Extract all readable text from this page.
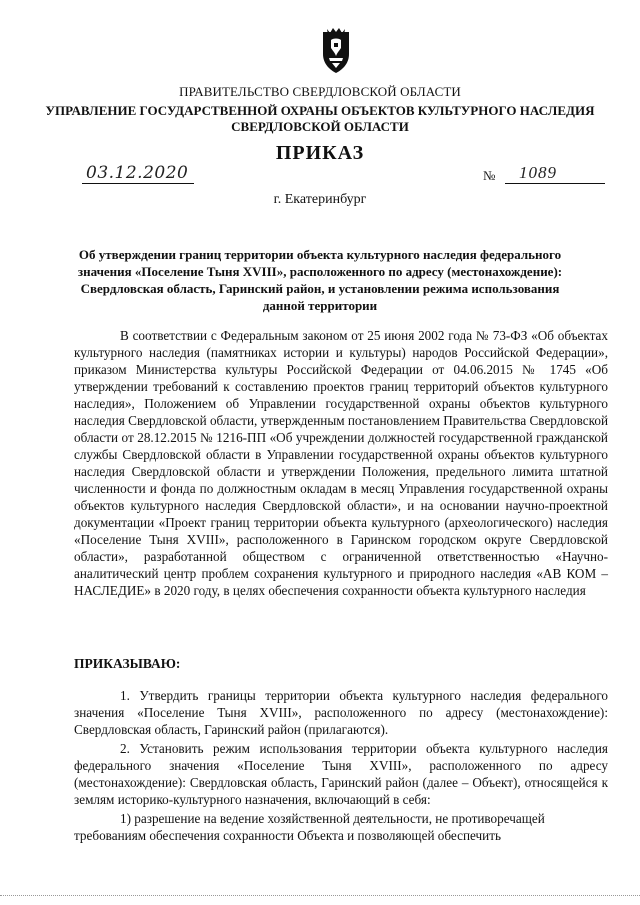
ПРАВИТЕЛЬСТВО СВЕРДЛОВСКОЙ ОБЛАСТИ
УПРАВЛЕНИЕ ГОСУДАРСТВЕННОЙ ОХРАНЫ ОБЪЕКТОВ КУЛЬТУРНОГО НАСЛЕДИЯ СВЕРДЛОВСКОЙ ОБЛАСТИ
ПРИКАЗ
03.12.2020	№ 1089
г. Екатеринбург
Об утверждении границ территории объекта культурного наследия федерального значения «Поселение Тыня XVIII», расположенного по адресу (местонахождение): Свердловская область, Гаринский район, и установлении режима использования данной территории
В соответствии с Федеральным законом от 25 июня 2002 года № 73-ФЗ «Об объектах культурного наследия (памятниках истории и культуры) народов Российской Федерации», приказом Министерства культуры Российской Федерации от 04.06.2015 № 1745 «Об утверждении требований к составлению проектов границ территорий объектов культурного наследия», Положением об Управлении государственной охраны объектов культурного наследия Свердловской области, утвержденным постановлением Правительства Свердловской области от 28.12.2015 № 1216-ПП «Об учреждении должностей государственной гражданской службы Свердловской области в Управлении государственной охраны объектов культурного наследия Свердловской области и утверждении Положения, предельного лимита штатной численности и фонда по должностным окладам в месяц Управления государственной охраны объектов культурного наследия Свердловской области», и на основании научно-проектной документации «Проект границ территории объекта культурного (археологического) наследия «Поселение Тыня XVIII», расположенного в Гаринском городском округе Свердловской области», разработанной обществом с ограниченной ответственностью «Научно-аналитический центр проблем сохранения культурного и природного наследия «АВ КОМ – НАСЛЕДИЕ» в 2020 году, в целях обеспечения сохранности объекта культурного наследия
ПРИКАЗЫВАЮ:
1. Утвердить границы территории объекта культурного наследия федерального значения «Поселение Тыня XVIII», расположенного по адресу (местонахождение): Свердловская область, Гаринский район (прилагаются).
2. Установить режим использования территории объекта культурного наследия федерального значения «Поселение Тыня XVIII», расположенного по адресу (местонахождение): Свердловская область, Гаринский район (далее – Объект), относящейся к землям историко-культурного назначения, включающий в себя:
1) разрешение на ведение хозяйственной деятельности, не противоречащей
требованиям обеспечения сохранности Объекта и позволяющей обеспечить
